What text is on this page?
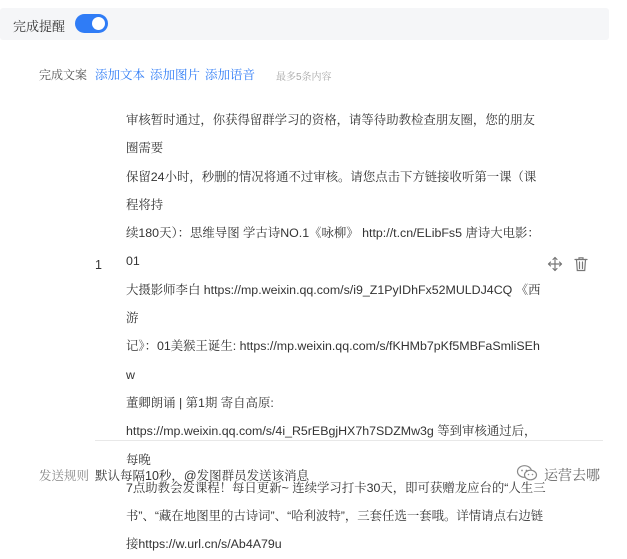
完成提醒
完成文案 添加文本 添加图片 添加语音 最多5条内容
1
审核暂时通过，你获得留群学习的资格，请等待助教检查朋友圈，您的朋友圈需要
保留24小时，秒删的情况将通不过审核。请您点击下方链接收听第一课（课程将持
续180天）：思维导图 学古诗NO.1《咏柳》 http://t.cn/ELibFs5 唐诗大电影：01
大摄影师李白 https://mp.weixin.qq.com/s/i9_Z1PyIDhFx52MULDJ4CQ 《西游
记》：01美猴王诞生: https://mp.weixin.qq.com/s/fKHMb7pKf5MBFaSmliSEhw
董卿朗诵 | 第1期 寄自高原:
https://mp.weixin.qq.com/s/4i_R5rEBgjHX7h7SDZMw3g 等到审核通过后，每晚
7点助教会发课程！每日更新~ 连续学习打卡30天，即可获赠龙应台的“人生三
书”、“藏在地图里的古诗词”、“哈利波特”，三套任选一套哦。详情请点右边链
接https://w.url.cn/s/Ab4A79u
发送规则 默认每隔10秒，@发图群员发送该消息	运营去哪
